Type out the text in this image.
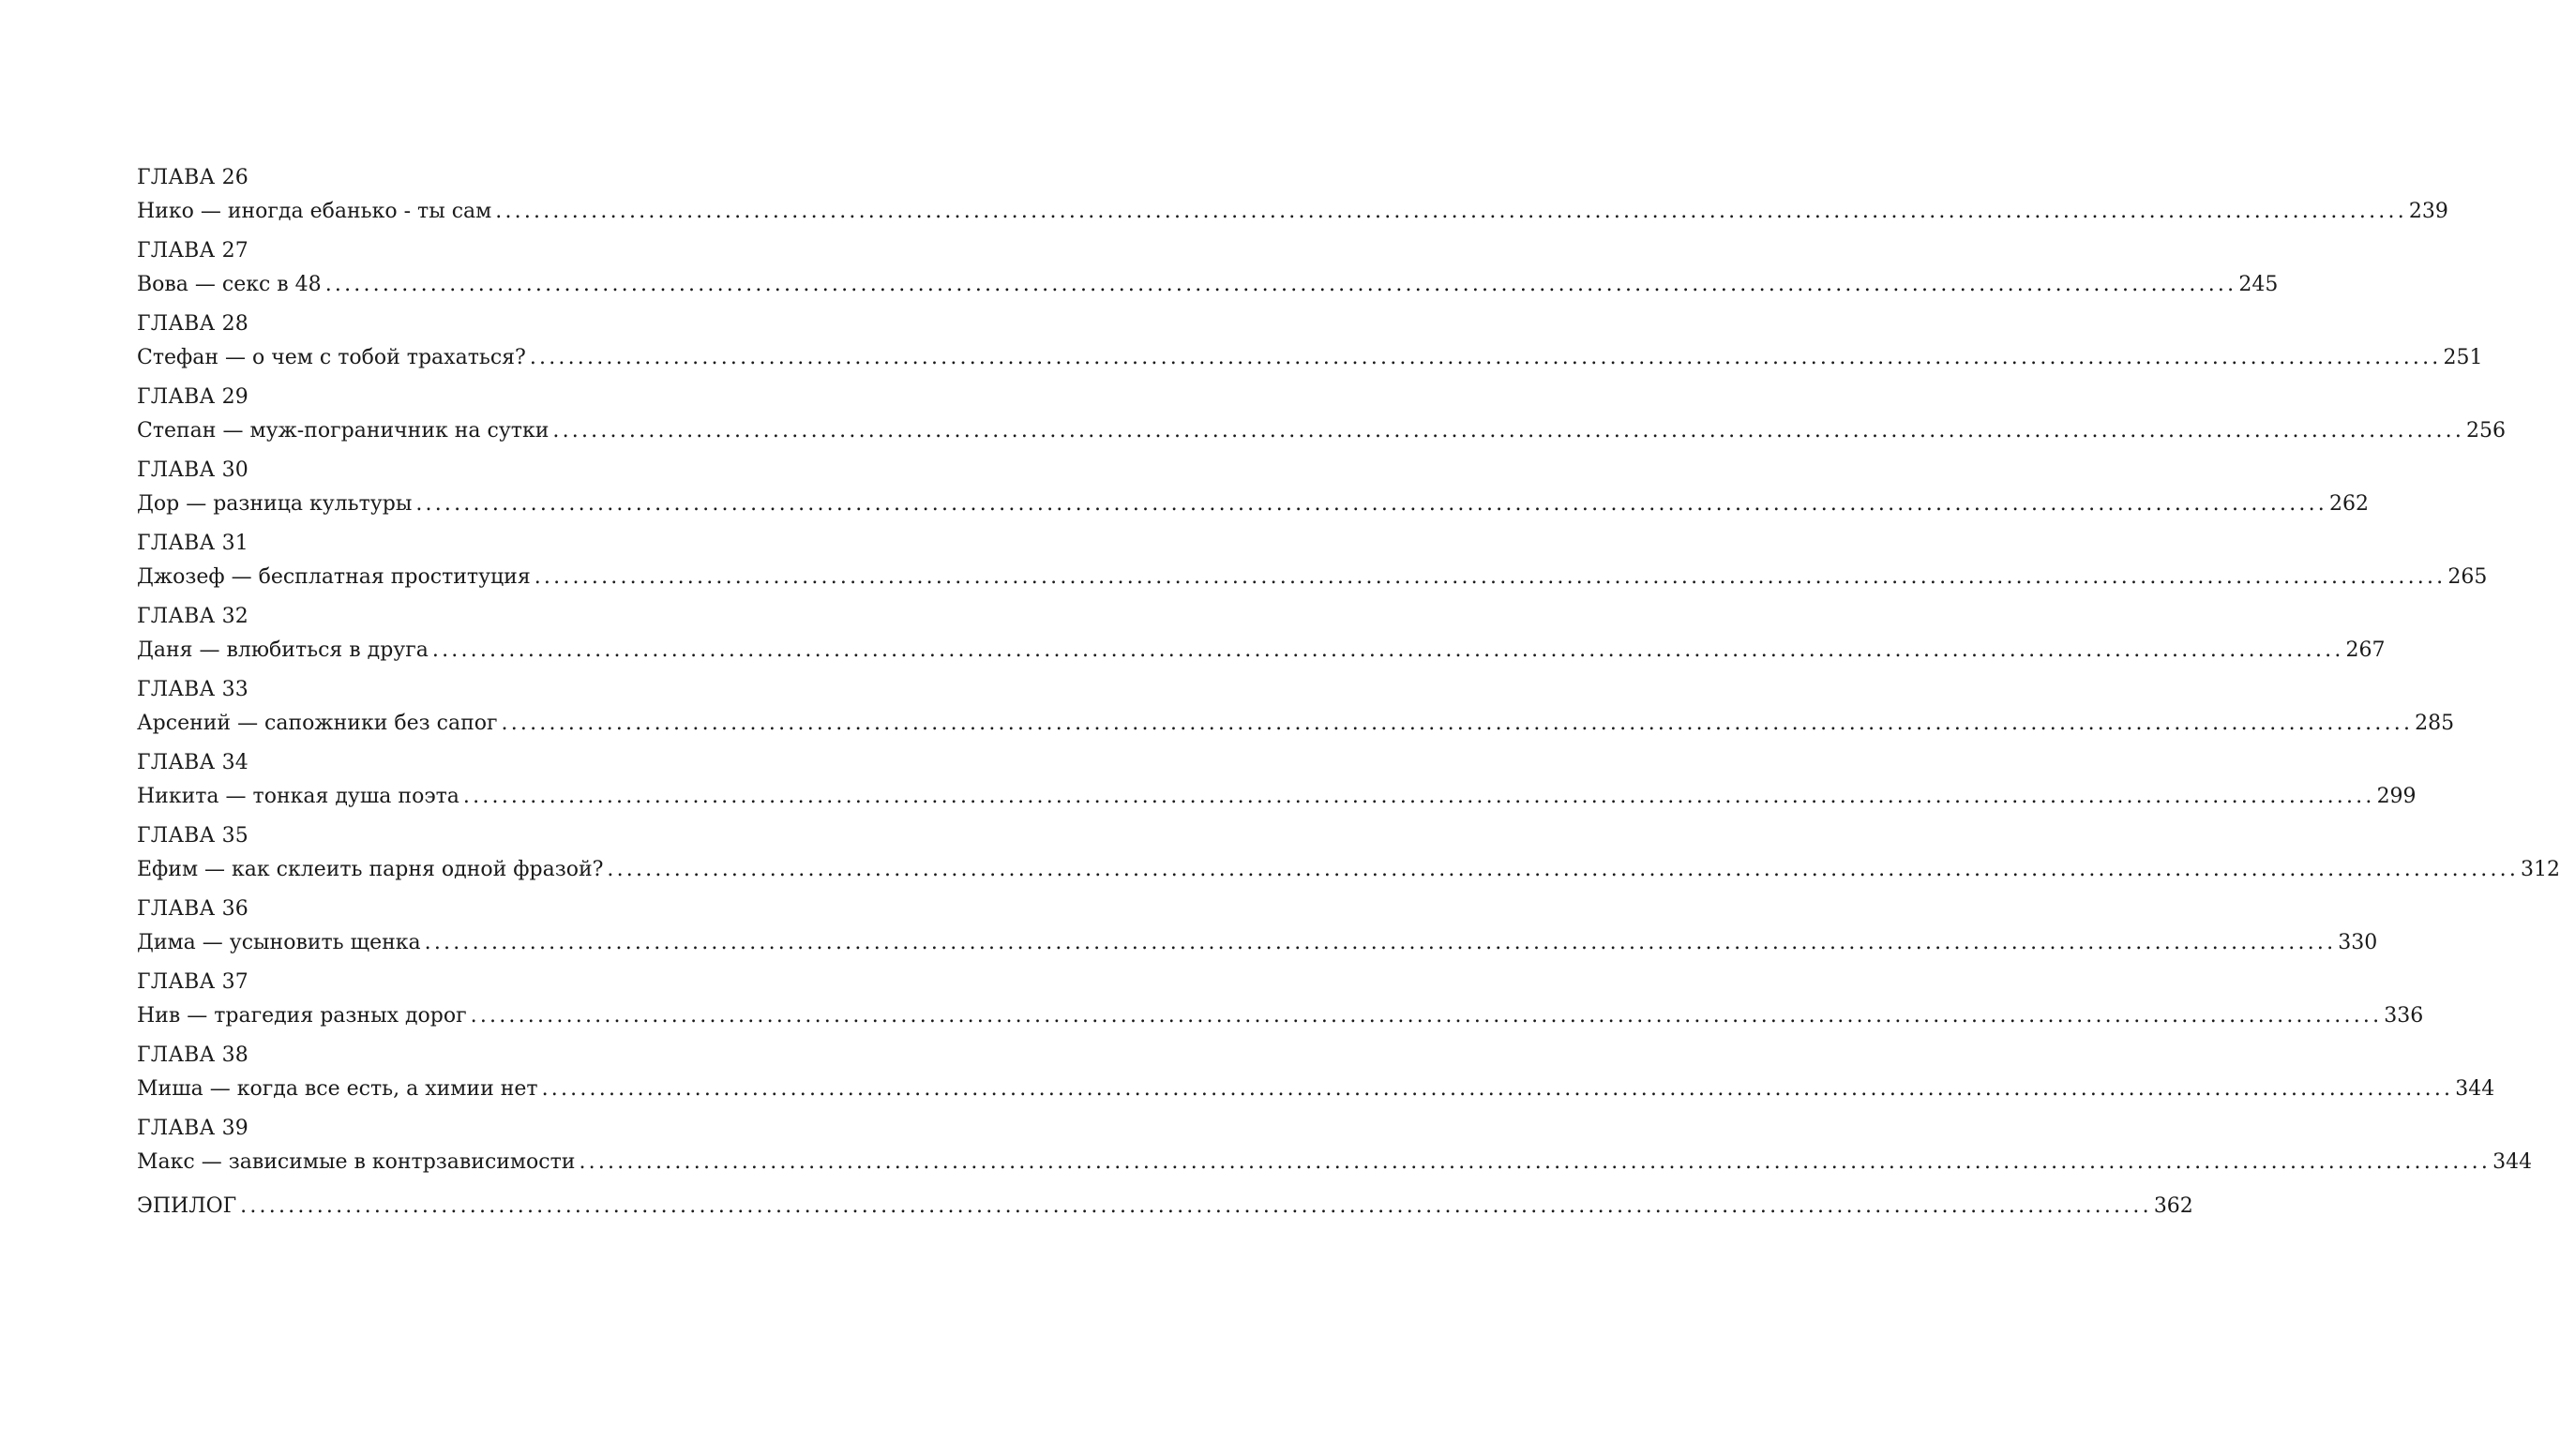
ГЛАВА 26
Нико — иногда ебанько - ты сам ........................................................................................................................................................................................................ 239
ГЛАВА 27
Вова — секс в 48 ........................................................................................................................................................................................................ 245
ГЛАВА 28
Стефан — о чем с тобой трахаться? ........................................................................................................................................................................................................ 251
ГЛАВА 29
Степан — муж-пограничник на сутки ........................................................................................................................................................................................................ 256
ГЛАВА 30
Дор — разница культуры ........................................................................................................................................................................................................ 262
ГЛАВА 31
Джозеф — бесплатная проституция ........................................................................................................................................................................................................ 265
ГЛАВА 32
Даня — влюбиться в друга ........................................................................................................................................................................................................ 267
ГЛАВА 33
Арсений — сапожники без сапог ........................................................................................................................................................................................................ 285
ГЛАВА 34
Никита — тонкая душа поэта ........................................................................................................................................................................................................ 299
ГЛАВА 35
Ефим — как склеить парня одной фразой? ........................................................................................................................................................................................................ 312
ГЛАВА 36
Дима — усыновить щенка ........................................................................................................................................................................................................ 330
ГЛАВА 37
Нив — трагедия разных дорог ........................................................................................................................................................................................................ 336
ГЛАВА 38
Миша — когда все есть, а химии нет ........................................................................................................................................................................................................ 344
ГЛАВА 39
Макс — зависимые в контрзависимости ........................................................................................................................................................................................................ 344
ЭПИЛОГ ........................................................................................................................................................................................................ 362
